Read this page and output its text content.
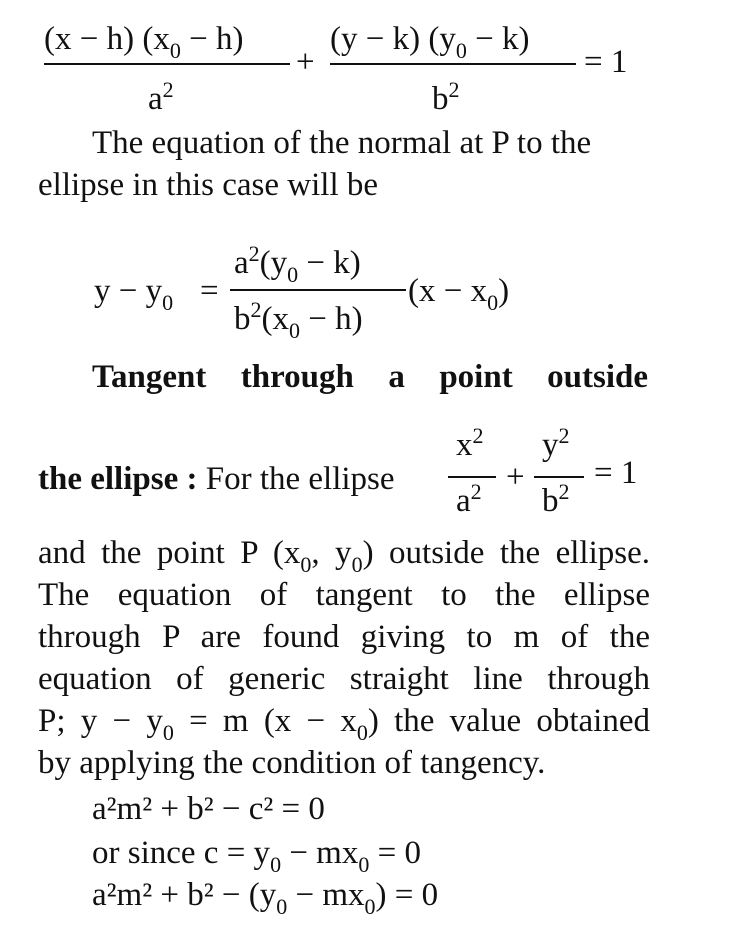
(x − h) $(x_0 - h)$
$a^2$
+
(y − k) $(y_0 - k)$
$b^2$
= 1
The equation of the normal at P to the
ellipse in this case will be
$y - y_0$ =
$a^2(y_0 - k)$
$b^2(x_0 - h)$
$(x - x_0)$
Tangent through a point outside
the ellipse : For the ellipse
$x^2$
$a^2$ +
$y^2$
$b^2$
= 1
and the point P ($x_0$, $y_0$) outside the ellipse.
The equation of tangent to the ellipse
through P are found giving to m of the
equation of generic straight line through
P; $y - y_0 = m$ $(x - x_0)$ the value obtained
by applying the condition of tangency.
a²m² + b² − c² = 0
or since $c = y_0 - mx_0 = 0$
$a^2m^2 + b^2 - (y_0 - mx_0) = 0$
